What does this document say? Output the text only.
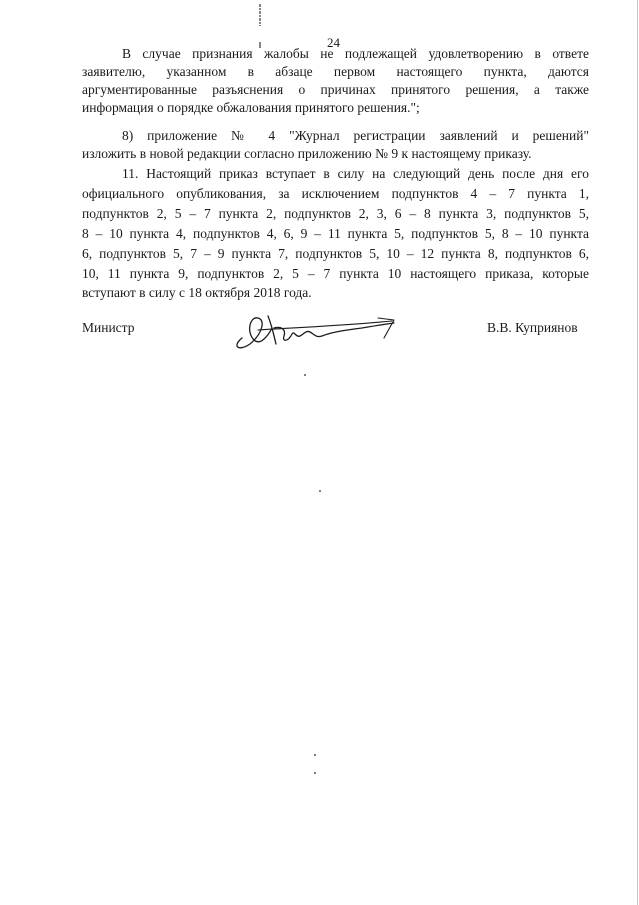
24
В случае признания жалобы не подлежащей удовлетворению в ответе
заявителю, указанном в абзаце первом настоящего пункта, даются
аргументированные разъяснения о причинах принятого решения, а также
информация о порядке обжалования принятого решения.";
8) приложение № 4 "Журнал регистрации заявлений и решений"
изложить в новой редакции согласно приложению № 9 к настоящему приказу.
11. Настоящий приказ вступает в силу на следующий день после дня его
официального опубликования, за исключением подпунктов 4 – 7 пункта 1,
подпунктов 2, 5 – 7 пункта 2, подпунктов 2, 3, 6 – 8 пункта 3, подпунктов 5,
8 – 10 пункта 4, подпунктов 4, 6, 9 – 11 пункта 5, подпунктов 5, 8 – 10 пункта
6, подпунктов 5, 7 – 9 пункта 7, подпунктов 5, 10 – 12 пункта 8, подпунктов 6,
10, 11 пункта 9, подпунктов 2, 5 – 7 пункта 10 настоящего приказа, которые
вступают в силу с 18 октября 2018 года.
Министр	В.В. Куприянов
